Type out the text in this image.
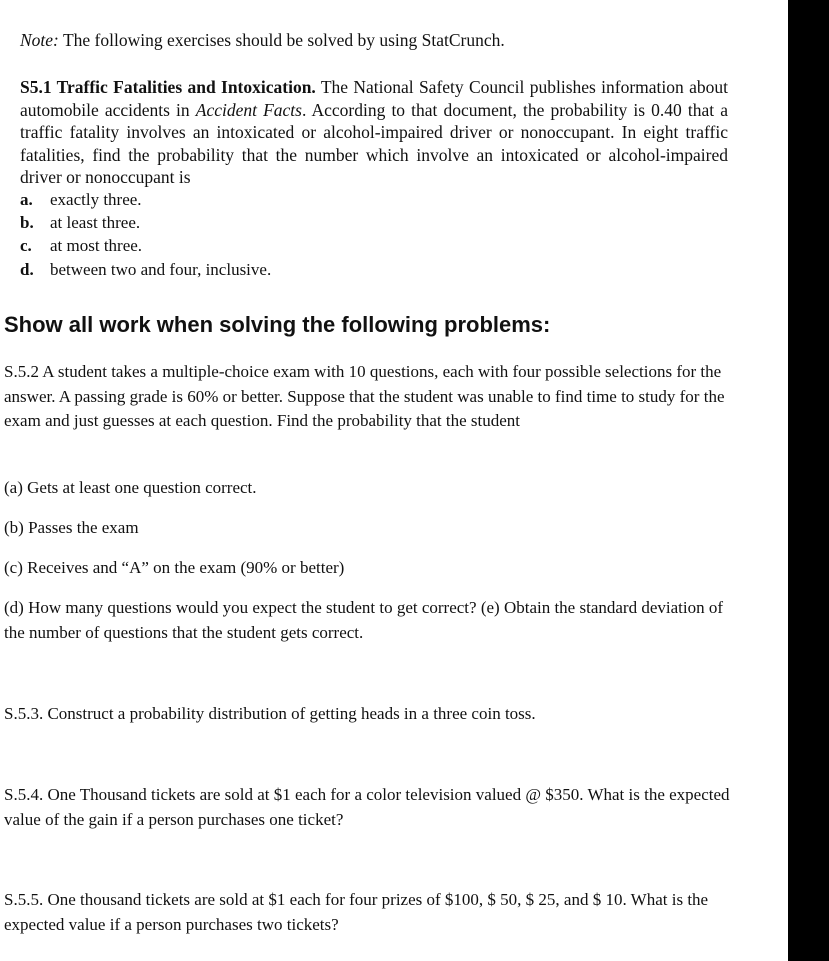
Note: The following exercises should be solved by using StatCrunch.

S5.1 Traffic Fatalities and Intoxication. The National Safety Council publishes information about automobile accidents in Accident Facts. According to that document, the probability is 0.40 that a traffic fatality involves an intoxicated or alcohol-impaired driver or nonoccupant. In eight traffic fatalities, find the probability that the number which involve an intoxicated or alcohol-impaired driver or nonoccupant is

a. exactly three.
b. at least three.
c. at most three.
d. between two and four, inclusive.
Show all work when solving the following problems:

S.5.2 A student takes a multiple-choice exam with 10 questions, each with four possible selections for the answer. A passing grade is 60% or better. Suppose that the student was unable to find time to study for the exam and just guesses at each question. Find the probability that the student

(a) Gets at least one question correct.

(b) Passes the exam

(c) Receives and “A” on the exam (90% or better)

(d) How many questions would you expect the student to get correct? (e) Obtain the standard deviation of the number of questions that the student gets correct.

S.5.3. Construct a probability distribution of getting heads in a three coin toss.

S.5.4. One Thousand tickets are sold at $1 each for a color television valued @ $350. What is the expected value of the gain if a person purchases one ticket?

S.5.5. One thousand tickets are sold at $1 each for four prizes of $100, $ 50, $ 25, and $ 10. What is the expected value if a person purchases two tickets?
